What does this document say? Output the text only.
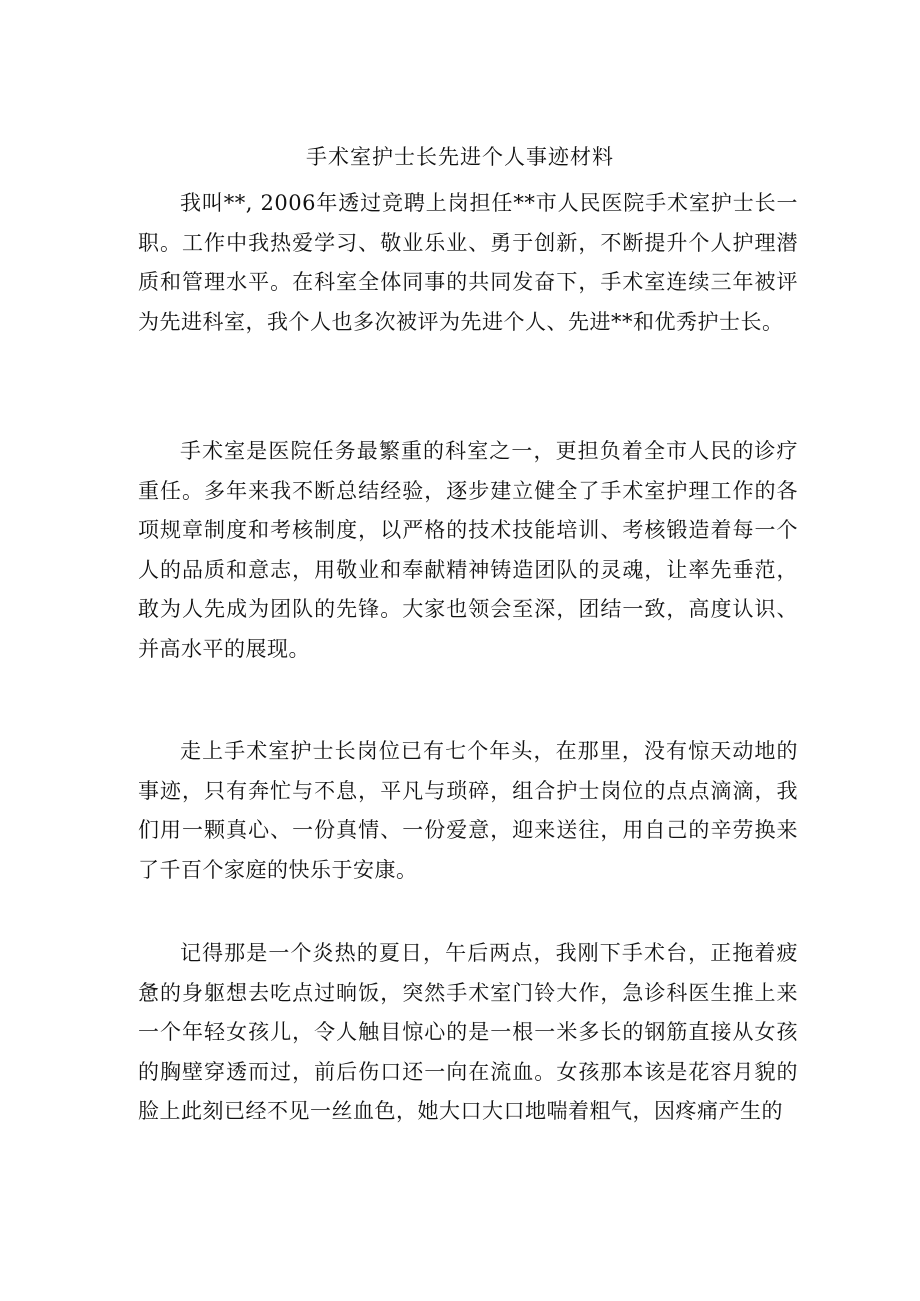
手术室护士长先进个人事迹材料

我叫**, 2006年透过竞聘上岗担任**市人民医院手术室护士长一职。工作中我热爱学习、敬业乐业、勇于创新，不断提升个人护理潜质和管理水平。在科室全体同事的共同发奋下，手术室连续三年被评为先进科室，我个人也多次被评为先进个人、先进**和优秀护士长。

手术室是医院任务最繁重的科室之一，更担负着全市人民的诊疗重任。多年来我不断总结经验，逐步建立健全了手术室护理工作的各项规章制度和考核制度，以严格的技术技能培训、考核锻造着每一个人的品质和意志，用敬业和奉献精神铸造团队的灵魂，让率先垂范，敢为人先成为团队的先锋。大家也领会至深，团结一致，高度认识、并高水平的展现。

走上手术室护士长岗位已有七个年头，在那里，没有惊天动地的事迹，只有奔忙与不息，平凡与琐碎，组合护士岗位的点点滴滴，我们用一颗真心、一份真情、一份爱意，迎来送往，用自己的辛劳换来了千百个家庭的快乐于安康。

记得那是一个炎热的夏日，午后两点，我刚下手术台，正拖着疲惫的身躯想去吃点过晌饭，突然手术室门铃大作，急诊科医生推上来一个年轻女孩儿，令人触目惊心的是一根一米多长的钢筋直接从女孩的胸壁穿透而过，前后伤口还一向在流血。女孩那本该是花容月貌的脸上此刻已经不见一丝血色，她大口大口地喘着粗气，因疼痛产生的
